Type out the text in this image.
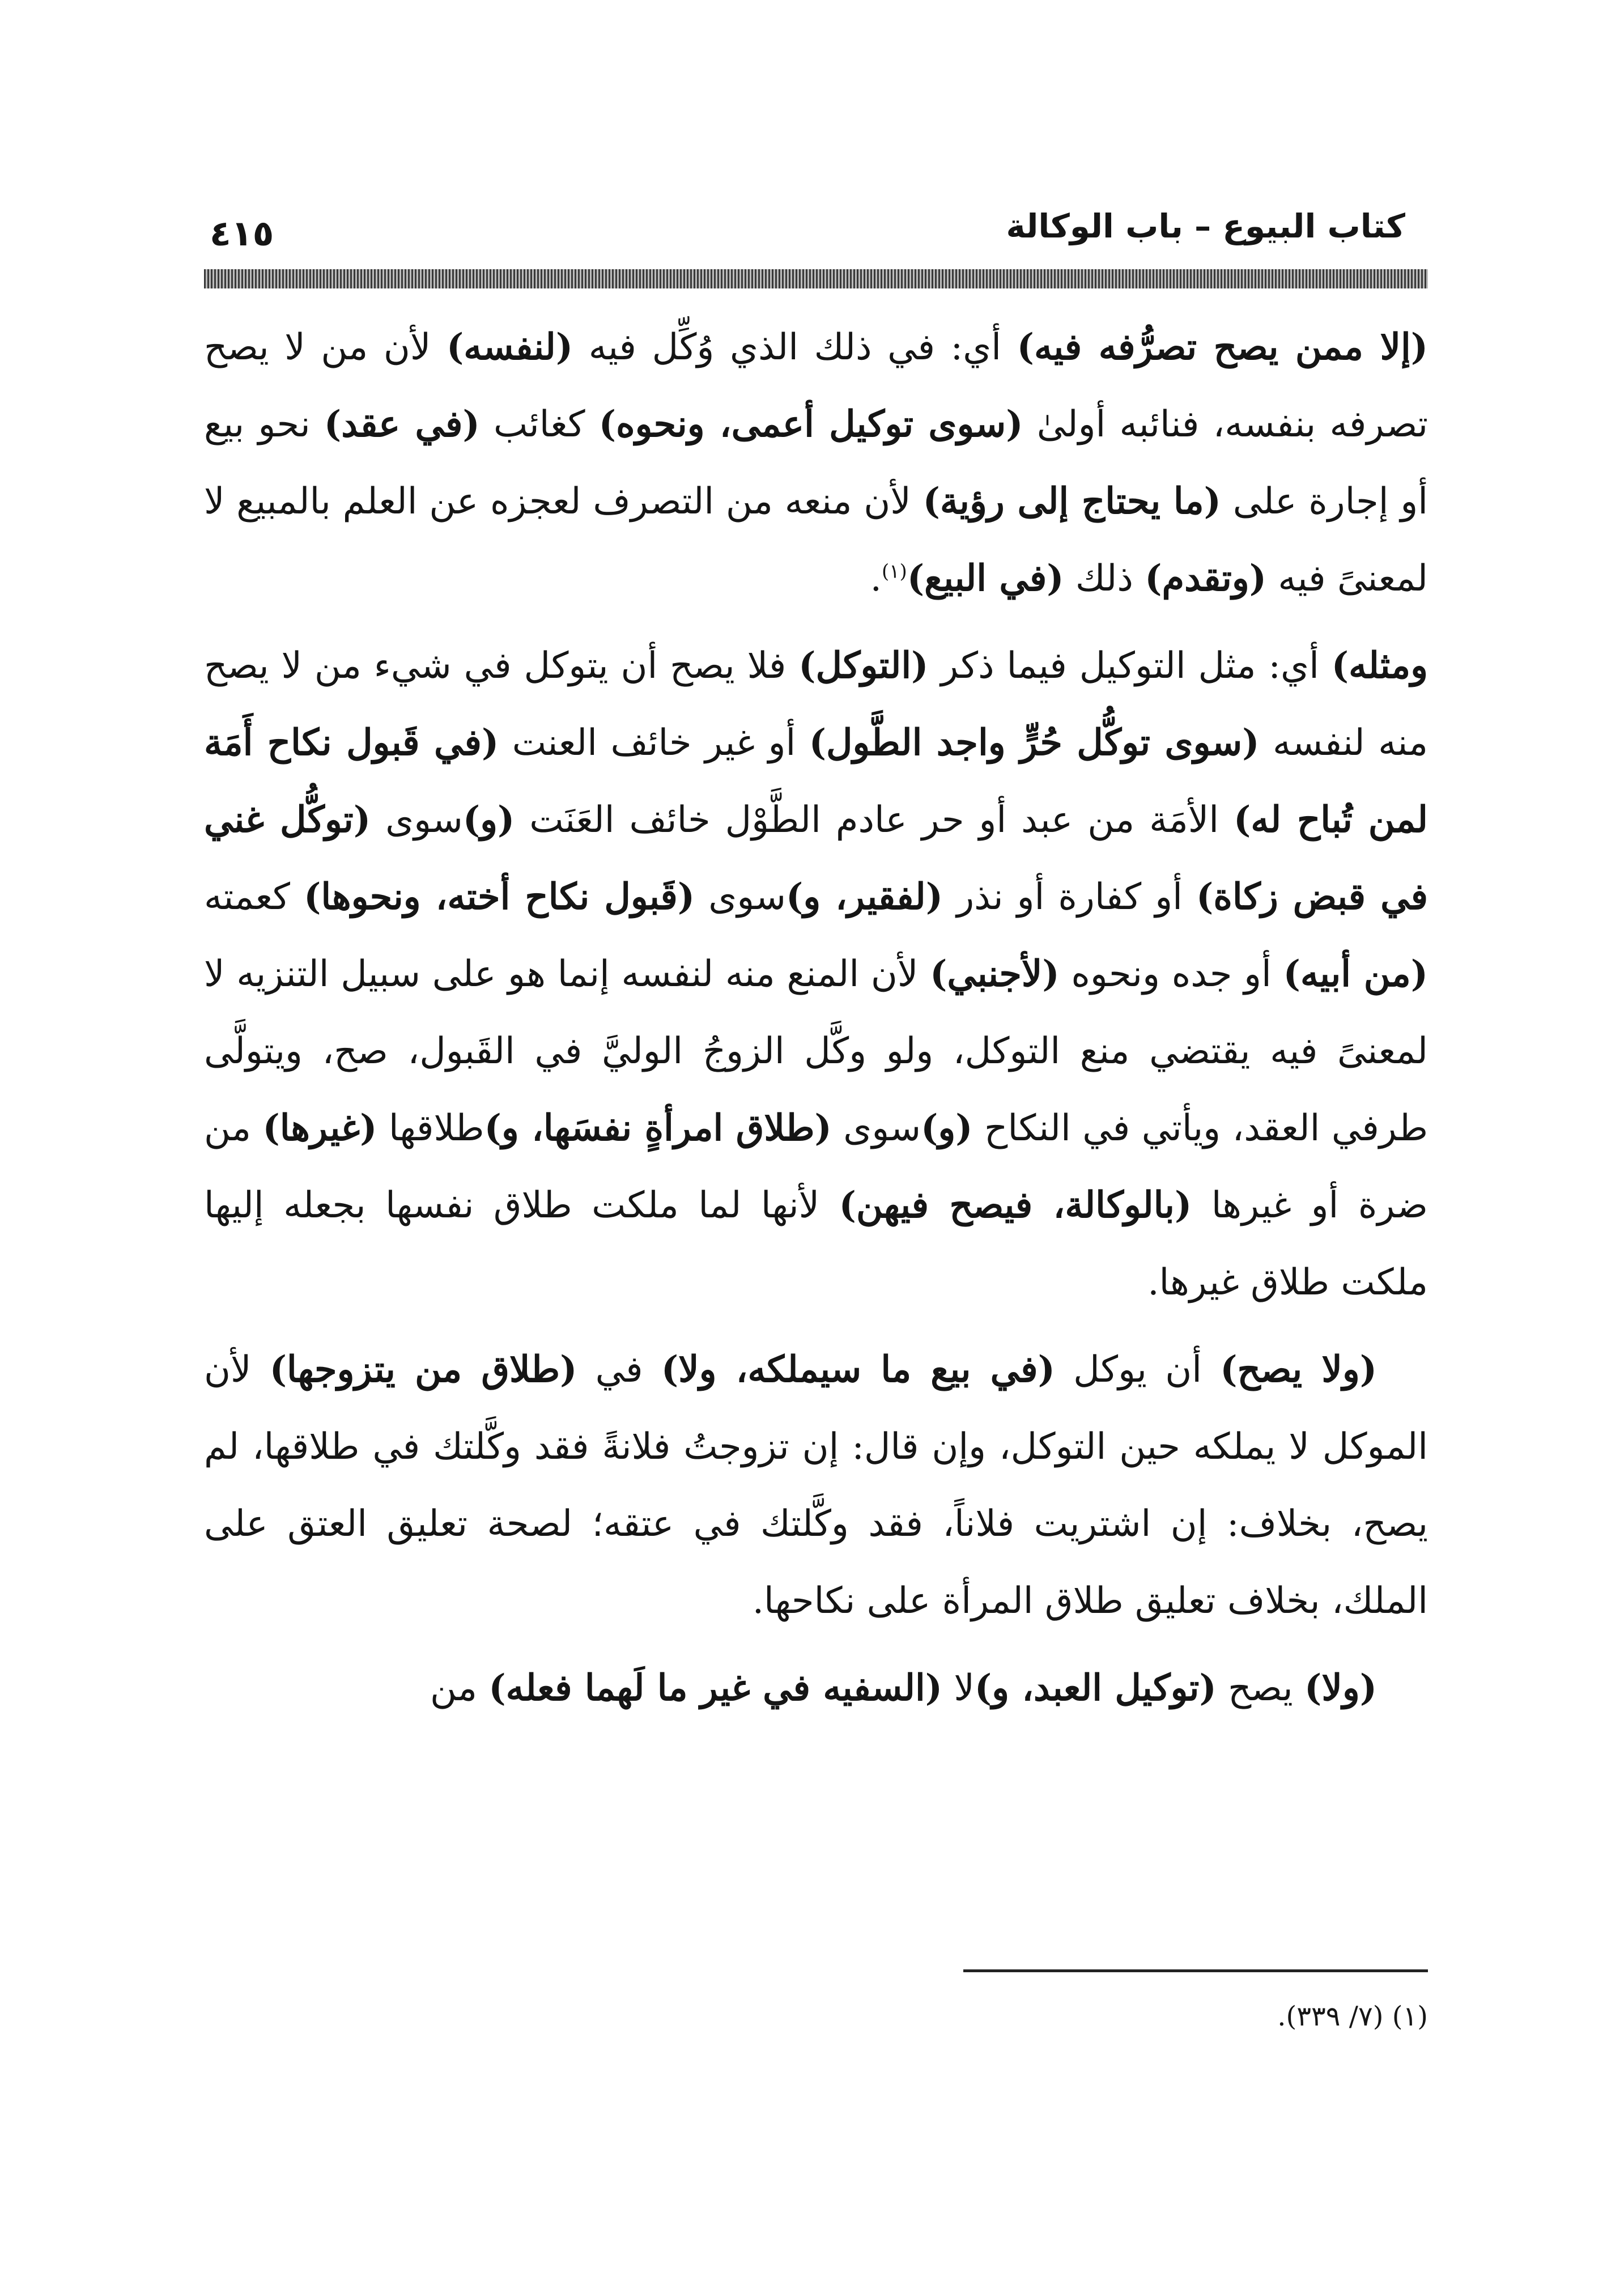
كتاب البيوع – باب الوكالة
٤١٥

(إلا ممن يصح تصرُّفه فيه) أي: في ذلك الذي وُكِّل فيه (لنفسه) لأن من لا يصح تصرفه بنفسه، فنائبه أولىٰ (سوى توكيل أعمى، ونحوه) كغائب (في عقد) نحو بيع أو إجارة على (ما يحتاج إلى رؤية) لأن منعه من التصرف لعجزه عن العلم بالمبيع لا لمعنىً فيه (وتقدم) ذلك (في البيع)$^{(١)}$.

ومثله) أي: مثل التوكيل فيما ذكر (التوكل) فلا يصح أن يتوكل في شيء من لا يصح منه لنفسه (سوى توكُّل حُرٍّ واجد الطَّول) أو غير خائف العنت (في قَبول نكاح أَمَة لمن تُباح له) الأمَة من عبد أو حر عادم الطَّوْل خائف العَنَت (و)سوى (توكُّل غني في قبض زكاة) أو كفارة أو نذر (لفقير، و)سوى (قَبول نكاح أخته، ونحوها) كعمته (من أبيه) أو جده ونحوه (لأجنبي) لأن المنع منه لنفسه إنما هو على سبيل التنزيه لا لمعنىً فيه يقتضي منع التوكل، ولو وكَّل الزوجُ الوليَّ في القَبول، صح، ويتولَّى طرفي العقد، ويأتي في النكاح (و)سوى (طلاق امرأةٍ نفسَها، و)طلاقها (غيرها) من ضرة أو غيرها (بالوكالة، فيصح فيهن) لأنها لما ملكت طلاق نفسها بجعله إليها ملكت طلاق غيرها.

(ولا يصح) أن يوكل (في بيع ما سيملكه، ولا) في (طلاق من يتزوجها) لأن الموكل لا يملكه حين التوكل، وإن قال: إن تزوجتُ فلانةً فقد وكَّلتك في طلاقها، لم يصح، بخلاف: إن اشتريت فلاناً، فقد وكَّلتك في عتقه؛ لصحة تعليق العتق على الملك، بخلاف تعليق طلاق المرأة على نكاحها.

(ولا) يصح (توكيل العبد، و)لا (السفيه في غير ما لَهما فعله) من

(١) (٧/ ٣٣٩).
